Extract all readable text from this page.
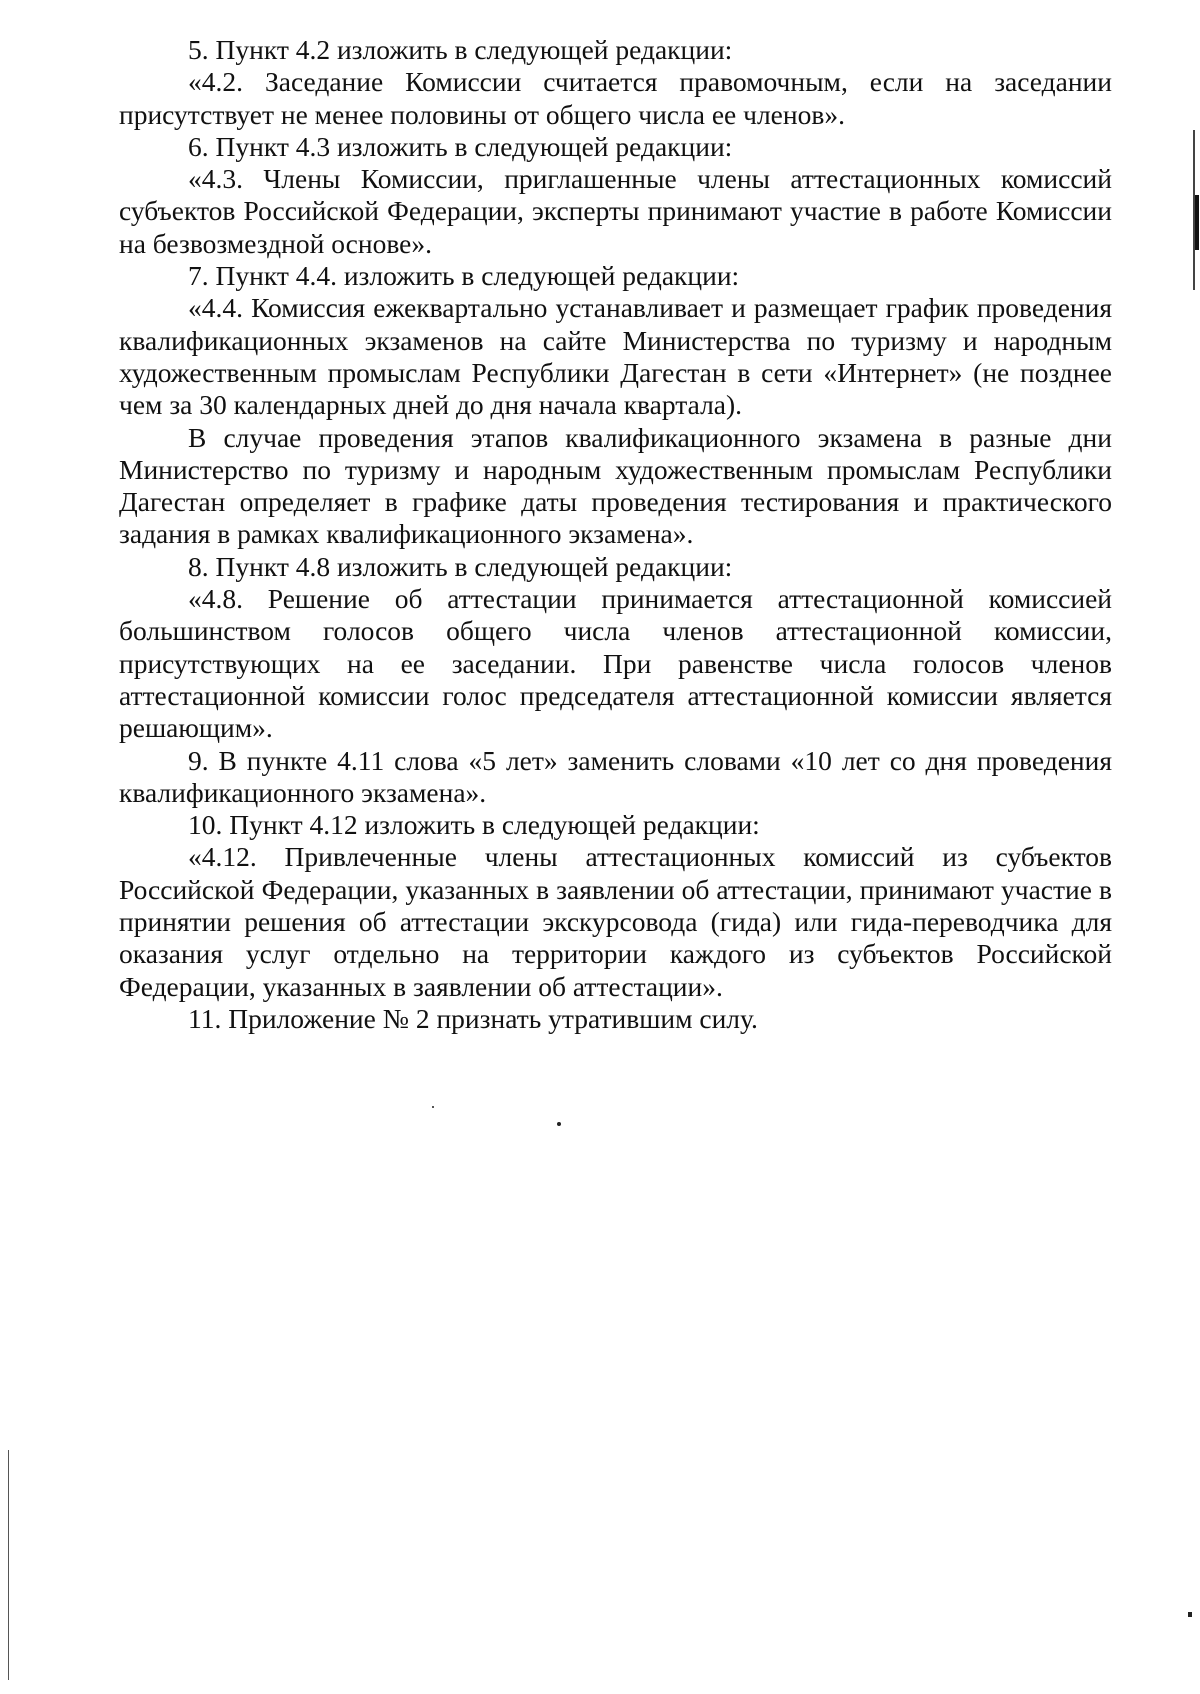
5. Пункт 4.2 изложить в следующей редакции:

«4.2. Заседание Комиссии считается правомочным, если на заседании присутствует не менее половины от общего числа ее членов».

6. Пункт 4.3 изложить в следующей редакции:

«4.3. Члены Комиссии, приглашенные члены аттестационных комиссий субъектов Российской Федерации, эксперты принимают участие в работе Комиссии на безвозмездной основе».

7. Пункт 4.4. изложить в следующей редакции:

«4.4. Комиссия ежеквартально устанавливает и размещает график проведения квалификационных экзаменов на сайте Министерства по туризму и народным художественным промыслам Республики Дагестан в сети «Интернет» (не позднее чем за 30 календарных дней до дня начала квартала).

В случае проведения этапов квалификационного экзамена в разные дни Министерство по туризму и народным художественным промыслам Республики Дагестан определяет в графике даты проведения тестирования и практического задания в рамках квалификационного экзамена».

8. Пункт 4.8 изложить в следующей редакции:

«4.8. Решение об аттестации принимается аттестационной комиссией большинством голосов общего числа членов аттестационной комиссии, присутствующих на ее заседании. При равенстве числа голосов членов аттестационной комиссии голос председателя аттестационной комиссии является решающим».

9. В пункте 4.11 слова «5 лет» заменить словами «10 лет со дня проведения квалификационного экзамена».

10. Пункт 4.12 изложить в следующей редакции:

«4.12. Привлеченные члены аттестационных комиссий из субъектов Российской Федерации, указанных в заявлении об аттестации, принимают участие в принятии решения об аттестации экскурсовода (гида) или гида-переводчика для оказания услуг отдельно на территории каждого из субъектов Российской Федерации, указанных в заявлении об аттестации».

11. Приложение № 2 признать утратившим силу.
